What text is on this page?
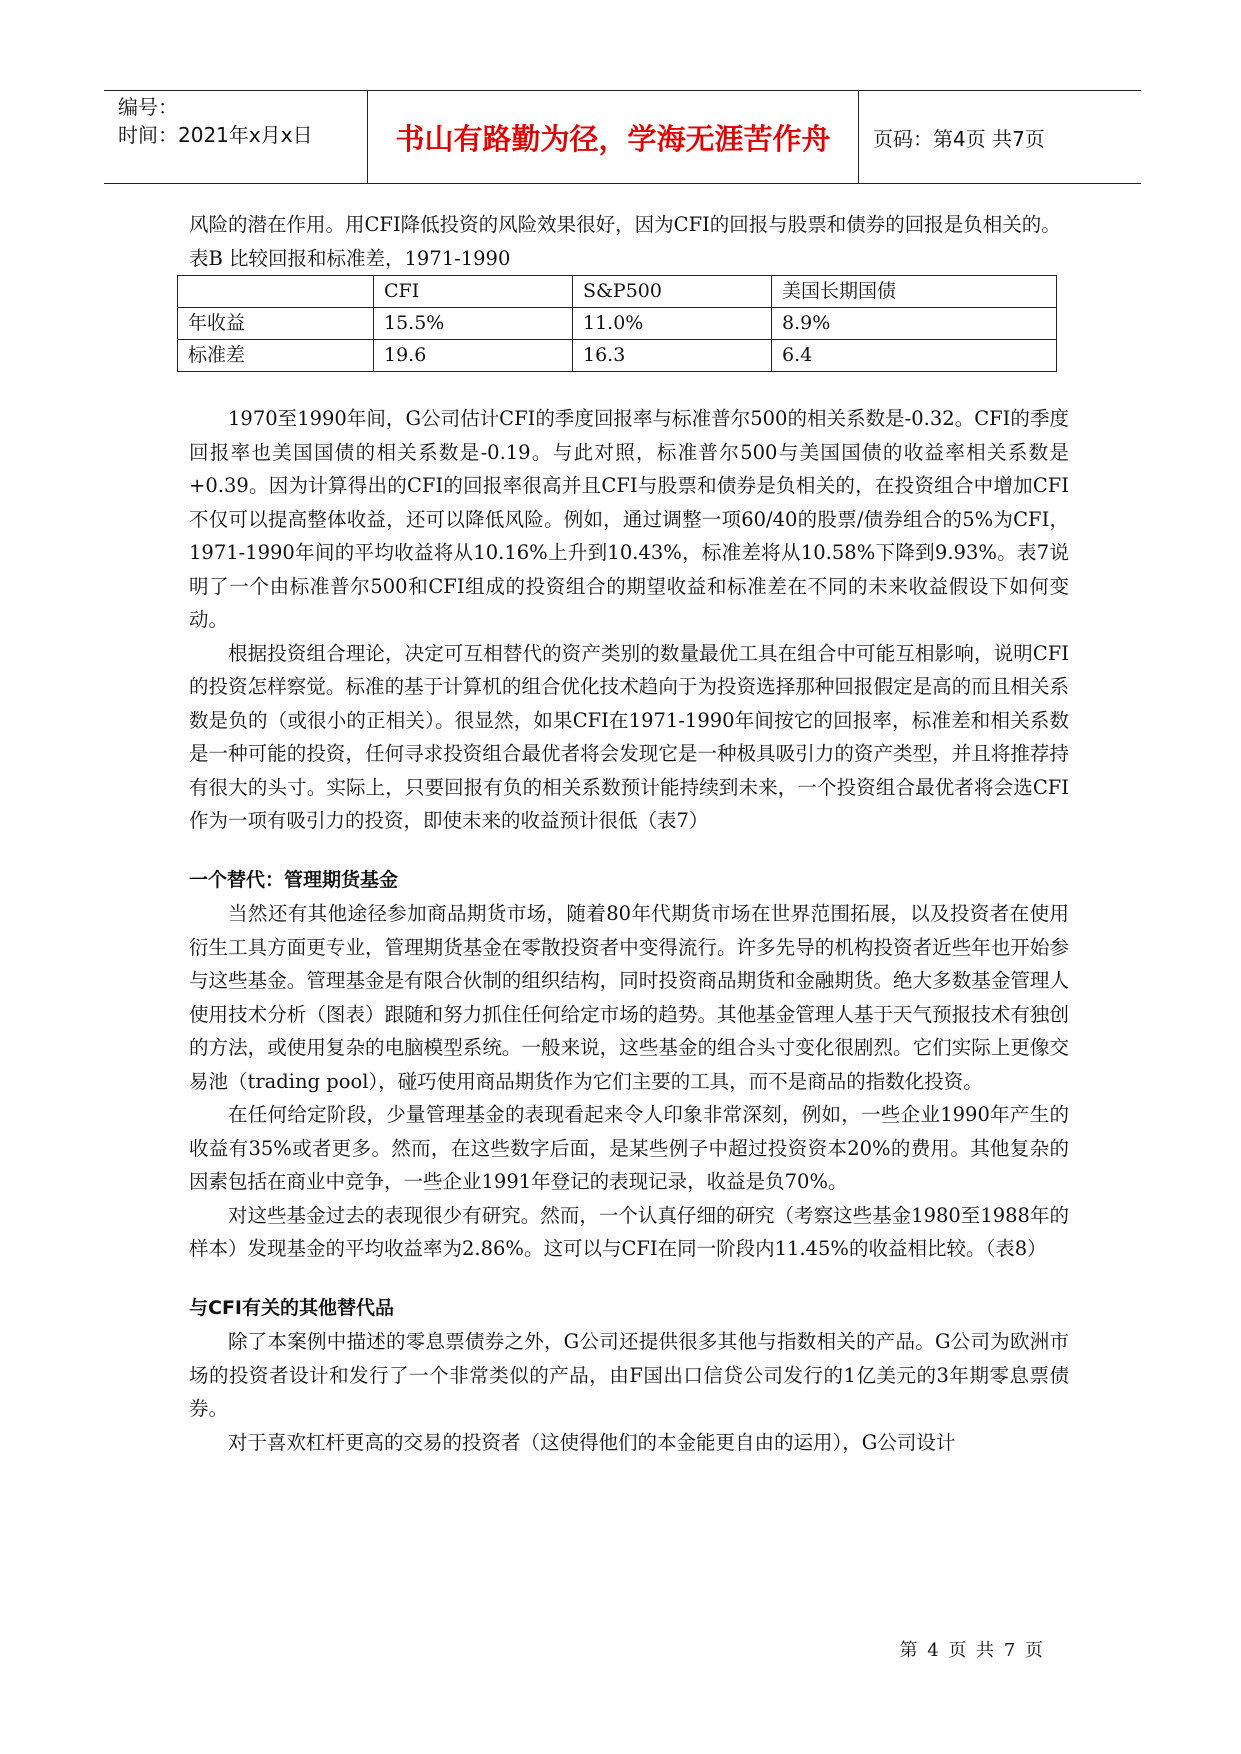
编号：
时间：2021年x月x日	书山有路勤为径，学海无涯苦作舟	页码：第4页 共7页

风险的潜在作用。用CFI降低投资的风险效果很好，因为CFI的回报与股票和债券的回报是负相关的。

表B 比较回报和标准差，1971-1990

	CFI	S&P500	美国长期国债
年收益	15.5%	11.0%	8.9%
标准差	19.6	16.3	6.4

1970至1990年间，G公司估计CFI的季度回报率与标准普尔500的相关系数是-0.32。CFI的季度回报率也美国国债的相关系数是-0.19。与此对照，标准普尔500与美国国债的收益率相关系数是+0.39。因为计算得出的CFI的回报率很高并且CFI与股票和债券是负相关的，在投资组合中增加CFI不仅可以提高整体收益，还可以降低风险。例如，通过调整一项60/40的股票/债券组合的5%为CFI，1971-1990年间的平均收益将从10.16%上升到10.43%，标准差将从10.58%下降到9.93%。表7说明了一个由标准普尔500和CFI组成的投资组合的期望收益和标准差在不同的未来收益假设下如何变动。

根据投资组合理论，决定可互相替代的资产类别的数量最优工具在组合中可能互相影响，说明CFI的投资怎样察觉。标准的基于计算机的组合优化技术趋向于为投资选择那种回报假定是高的而且相关系数是负的（或很小的正相关）。很显然，如果CFI在1971-1990年间按它的回报率，标准差和相关系数是一种可能的投资，任何寻求投资组合最优者将会发现它是一种极具吸引力的资产类型，并且将推荐持有很大的头寸。实际上，只要回报有负的相关系数预计能持续到未来，一个投资组合最优者将会选CFI作为一项有吸引力的投资，即使未来的收益预计很低（表7）

一个替代：管理期货基金

当然还有其他途径参加商品期货市场，随着80年代期货市场在世界范围拓展，以及投资者在使用衍生工具方面更专业，管理期货基金在零散投资者中变得流行。许多先导的机构投资者近些年也开始参与这些基金。管理基金是有限合伙制的组织结构，同时投资商品期货和金融期货。绝大多数基金管理人使用技术分析（图表）跟随和努力抓住任何给定市场的趋势。其他基金管理人基于天气预报技术有独创的方法，或使用复杂的电脑模型系统。一般来说，这些基金的组合头寸变化很剧烈。它们实际上更像交易池（trading pool），碰巧使用商品期货作为它们主要的工具，而不是商品的指数化投资。

在任何给定阶段，少量管理基金的表现看起来令人印象非常深刻，例如，一些企业1990年产生的收益有35%或者更多。然而，在这些数字后面，是某些例子中超过投资资本20%的费用。其他复杂的因素包括在商业中竞争，一些企业1991年登记的表现记录，收益是负70%。

对这些基金过去的表现很少有研究。然而，一个认真仔细的研究（考察这些基金1980至1988年的样本）发现基金的平均收益率为2.86%。这可以与CFI在同一阶段内11.45%的收益相比较。（表8）

与CFI有关的其他替代品

除了本案例中描述的零息票债券之外，G公司还提供很多其他与指数相关的产品。G公司为欧洲市场的投资者设计和发行了一个非常类似的产品，由F国出口信贷公司发行的1亿美元的3年期零息票债券。

对于喜欢杠杆更高的交易的投资者（这使得他们的本金能更自由的运用），G公司设计

第 4 页 共 7 页
